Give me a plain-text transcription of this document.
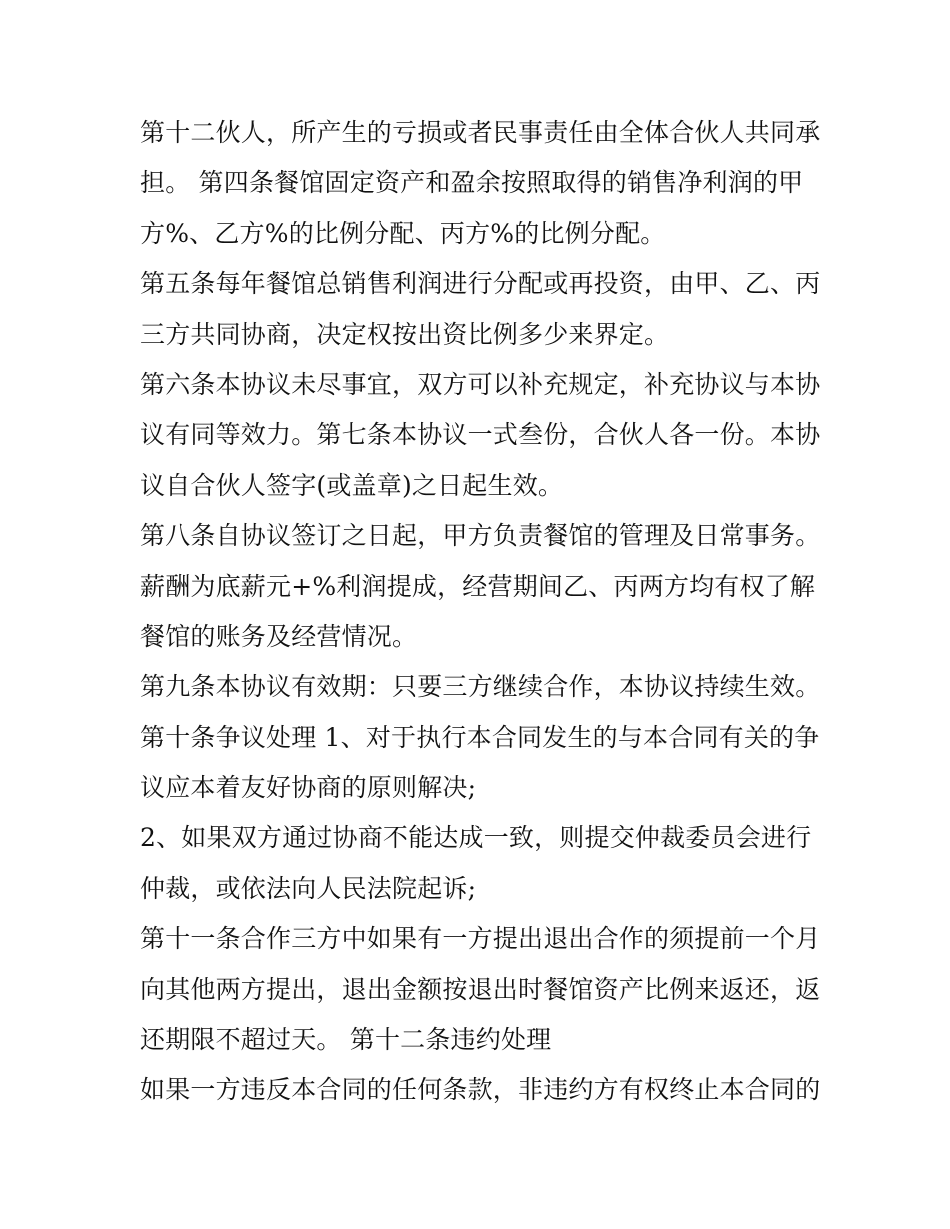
第十二伙人，所产生的亏损或者民事责任由全体合伙人共同承
担。 第四条餐馆固定资产和盈余按照取得的销售净利润的甲
方%、乙方%的比例分配、丙方%的比例分配。
第五条每年餐馆总销售利润进行分配或再投资，由甲、乙、丙
三方共同协商，决定权按出资比例多少来界定。
第六条本协议未尽事宜，双方可以补充规定，补充协议与本协
议有同等效力。第七条本协议一式叁份，合伙人各一份。本协
议自合伙人签字(或盖章)之日起生效。
第八条自协议签订之日起，甲方负责餐馆的管理及日常事务。
薪酬为底薪元+%利润提成，经营期间乙、丙两方均有权了解
餐馆的账务及经营情况。
第九条本协议有效期：只要三方继续合作，本协议持续生效。
第十条争议处理 1、对于执行本合同发生的与本合同有关的争
议应本着友好协商的原则解决;
2、如果双方通过协商不能达成一致，则提交仲裁委员会进行
仲裁，或依法向人民法院起诉;
第十一条合作三方中如果有一方提出退出合作的须提前一个月
向其他两方提出，退出金额按退出时餐馆资产比例来返还，返
还期限不超过天。 第十二条违约处理
如果一方违反本合同的任何条款，非违约方有权终止本合同的
